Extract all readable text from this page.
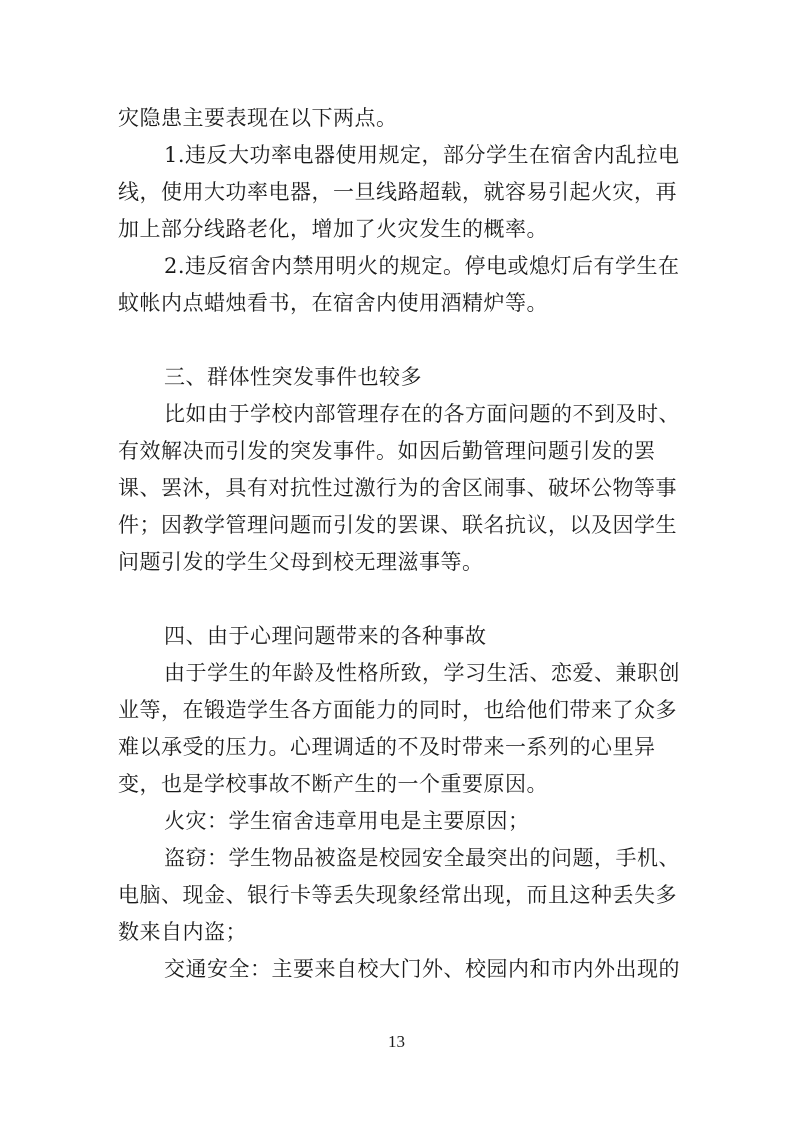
灾隐患主要表现在以下两点。
1.违反大功率电器使用规定，部分学生在宿舍内乱拉电
线，使用大功率电器，一旦线路超载，就容易引起火灾，再
加上部分线路老化，增加了火灾发生的概率。
2.违反宿舍内禁用明火的规定。停电或熄灯后有学生在
蚊帐内点蜡烛看书，在宿舍内使用酒精炉等。
三、群体性突发事件也较多
比如由于学校内部管理存在的各方面问题的不到及时、
有效解决而引发的突发事件。如因后勤管理问题引发的罢
课、罢沐，具有对抗性过激行为的舍区闹事、破坏公物等事
件；因教学管理问题而引发的罢课、联名抗议，以及因学生
问题引发的学生父母到校无理滋事等。
四、由于心理问题带来的各种事故
由于学生的年龄及性格所致，学习生活、恋爱、兼职创
业等，在锻造学生各方面能力的同时，也给他们带来了众多
难以承受的压力。心理调适的不及时带来一系列的心里异
变，也是学校事故不断产生的一个重要原因。
火灾：学生宿舍违章用电是主要原因；
盗窃：学生物品被盗是校园安全最突出的问题，手机、
电脑、现金、银行卡等丢失现象经常出现，而且这种丢失多
数来自内盗；
交通安全：主要来自校大门外、校园内和市内外出现的
13
